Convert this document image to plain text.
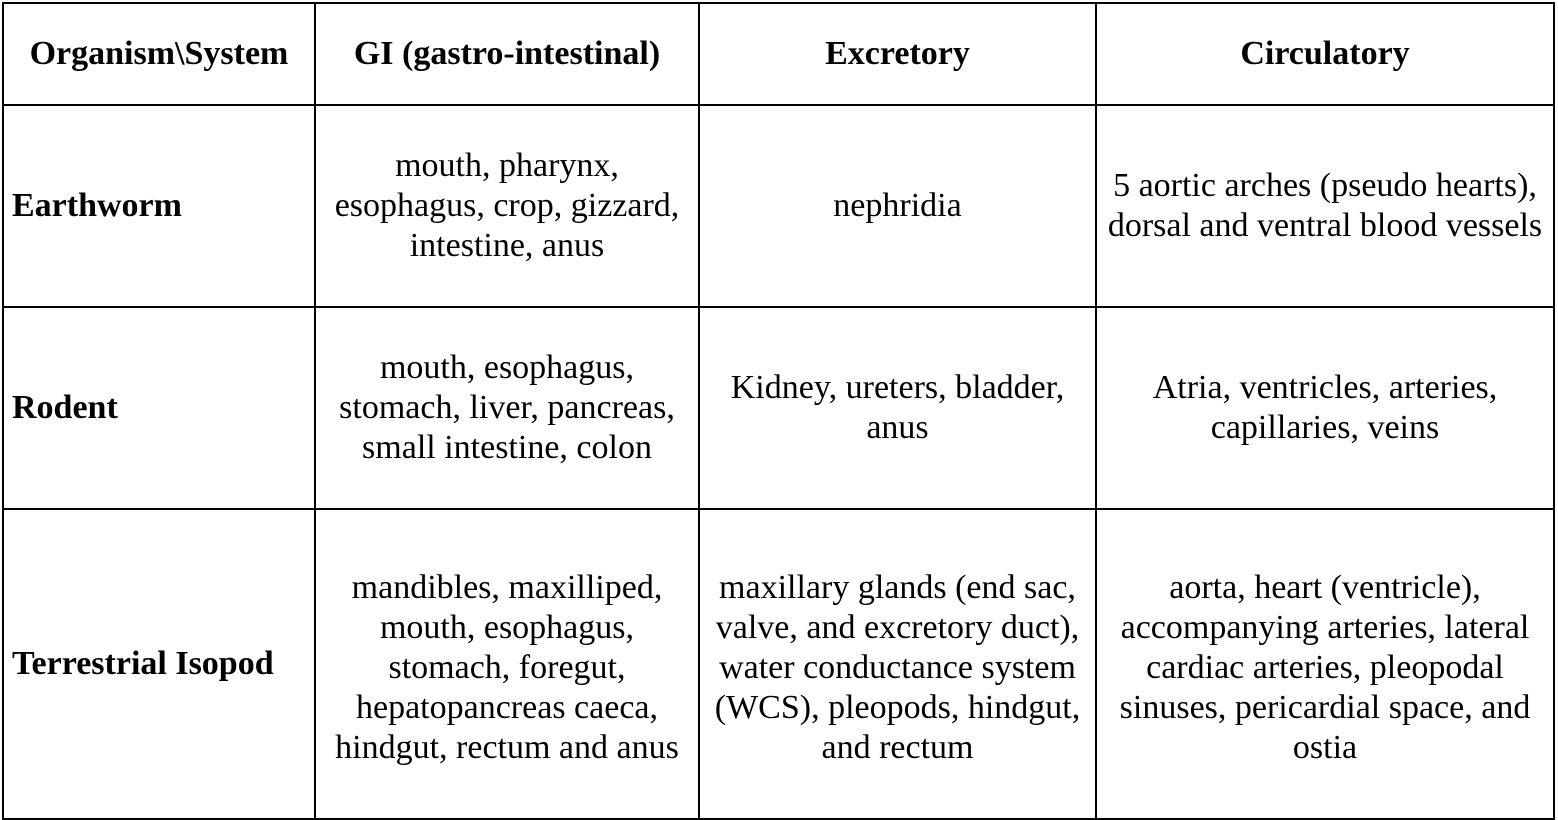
Organism\System	GI (gastro-intestinal)	Excretory	Circulatory
Earthworm	mouth, pharynx, esophagus, crop, gizzard, intestine, anus	nephridia	5 aortic arches (pseudo hearts), dorsal and ventral blood vessels
Rodent	mouth, esophagus, stomach, liver, pancreas, small intestine, colon	Kidney, ureters, bladder, anus	Atria, ventricles, arteries, capillaries, veins
Terrestrial Isopod	mandibles, maxilliped, mouth, esophagus, stomach, foregut, hepatopancreas caeca, hindgut, rectum and anus	maxillary glands (end sac, valve, and excretory duct), water conductance system (WCS), pleopods, hindgut, and rectum	aorta, heart (ventricle), accompanying arteries, lateral cardiac arteries, pleopodal sinuses, pericardial space, and ostia
